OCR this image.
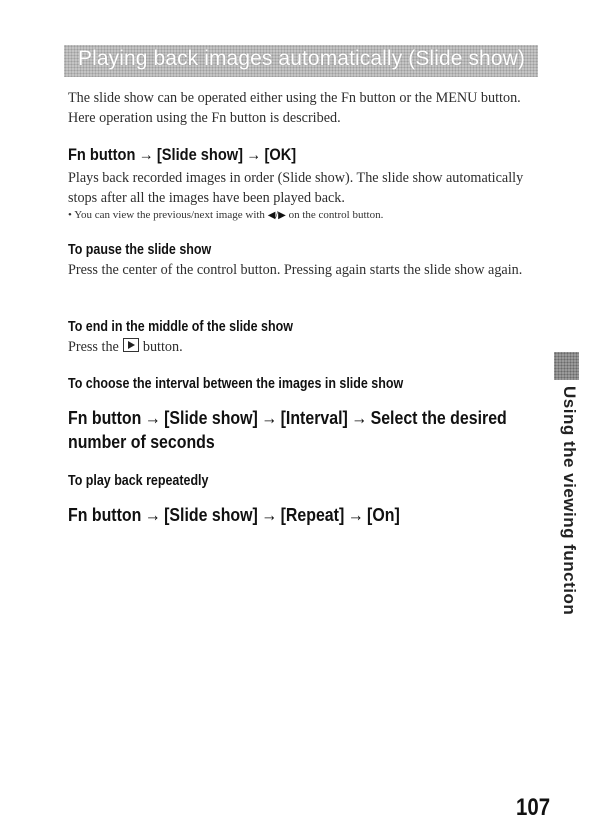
Playing back images automatically (Slide show)

The slide show can be operated either using the Fn button or the MENU button. Here operation using the Fn button is described.

Fn button → [Slide show] → [OK]

Plays back recorded images in order (Slide show). The slide show automatically stops after all the images have been played back.

• You can view the previous/next image with ◀/▶ on the control button.

To pause the slide show

Press the center of the control button. Pressing again starts the slide show again.

To end in the middle of the slide show

Press the button.

To choose the interval between the images in slide show

Fn button → [Slide show] → [Interval] → Select the desired

number of seconds

To play back repeatedly

Fn button → [Slide show] → [Repeat] → [On]	Using the viewing function
107
